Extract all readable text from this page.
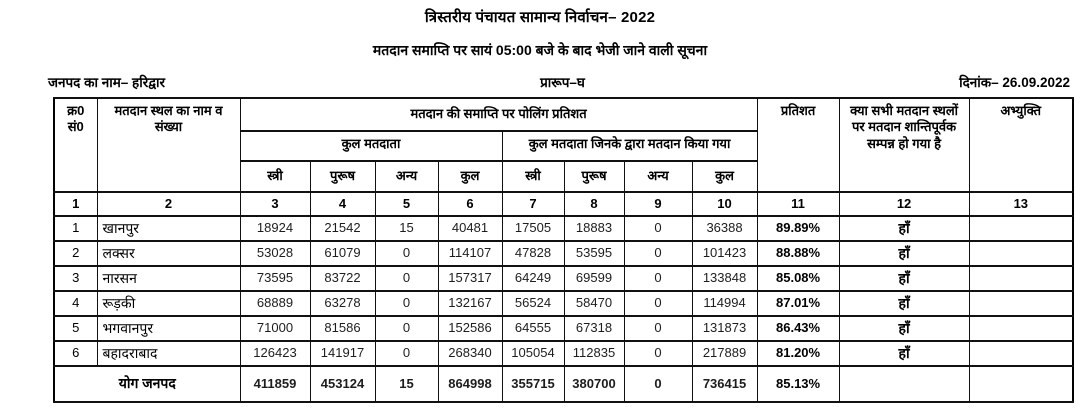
त्रिस्तरीय पंचायत सामान्य निर्वाचन– 2022
मतदान समाप्ति पर सायं 05:00 बजे के बाद भेजी जाने वाली सूचना
जनपद का नाम– हरिद्वार	प्रारूप–घ	दिनांक– 26.09.2022
क्र0 सं0	मतदान स्थल का नाम व संख्या	मतदान की समाप्ति पर पोलिंग प्रतिशत								प्रतिशत	क्या सभी मतदान स्थलों पर मतदान शान्तिपूर्वक सम्पन्न हो गया है	अभ्युक्ति
		कुल मतदाता				कुल मतदाता जिनके द्वारा मतदान किया गया						
		स्त्री	पुरूष	अन्य	कुल	स्त्री	पुरूष	अन्य	कुल			
1	2	3	4	5	6	7	8	9	10	11	12	13
1	खानपुर	18924	21542	15	40481	17505	18883	0	36388	89.89%	हाँ	
2	लक्सर	53028	61079	0	114107	47828	53595	0	101423	88.88%	हाँ	
3	नारसन	73595	83722	0	157317	64249	69599	0	133848	85.08%	हाँ	
4	रूड़की	68889	63278	0	132167	56524	58470	0	114994	87.01%	हाँ	
5	भगवानपुर	71000	81586	0	152586	64555	67318	0	131873	86.43%	हाँ	
6	बहादराबाद	126423	141917	0	268340	105054	112835	0	217889	81.20%	हाँ	
योग जनपद		411859	453124	15	864998	355715	380700	0	736415	85.13%		
